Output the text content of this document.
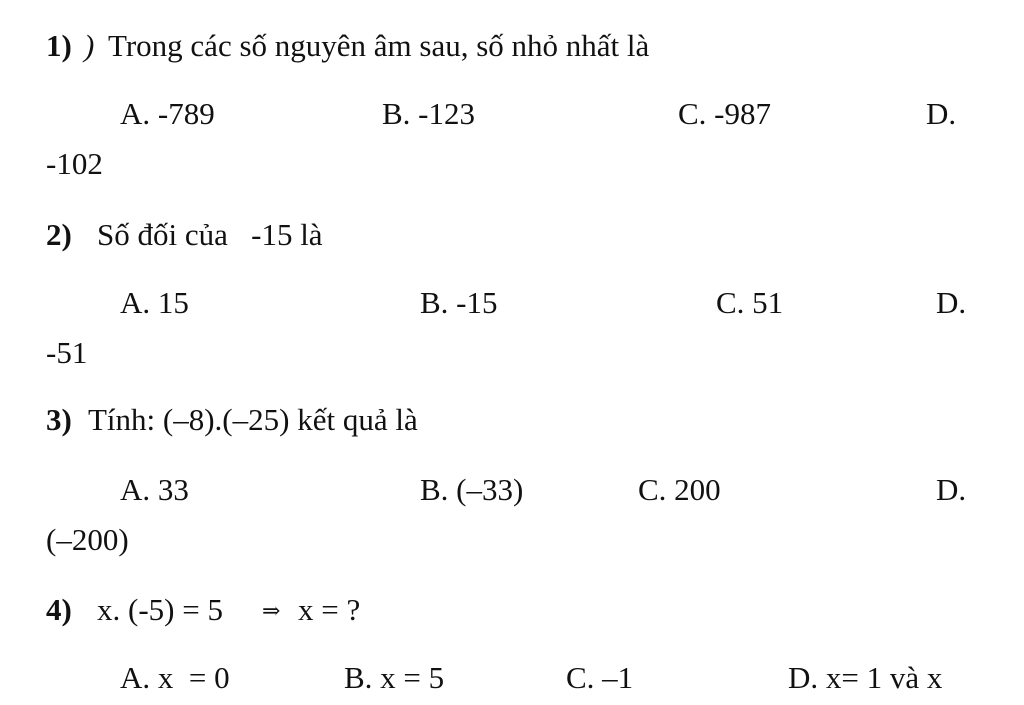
1) ) Trong các số nguyên âm sau, số nhỏ nhất là
A. -789	B. -123	C. -987	D.
-102
2) Số đối của   -15 là
A. 15	B. -15	C. 51	D.
-51
3) Tính: (–8).(–25) kết quả là
A. 33	B. (–33)	C. 200	D.
(–200)
4) x. (-5) = 5 ⇒ x = ?
A. x  = 0	B. x = 5	C. –1	D. x= 1 và x
